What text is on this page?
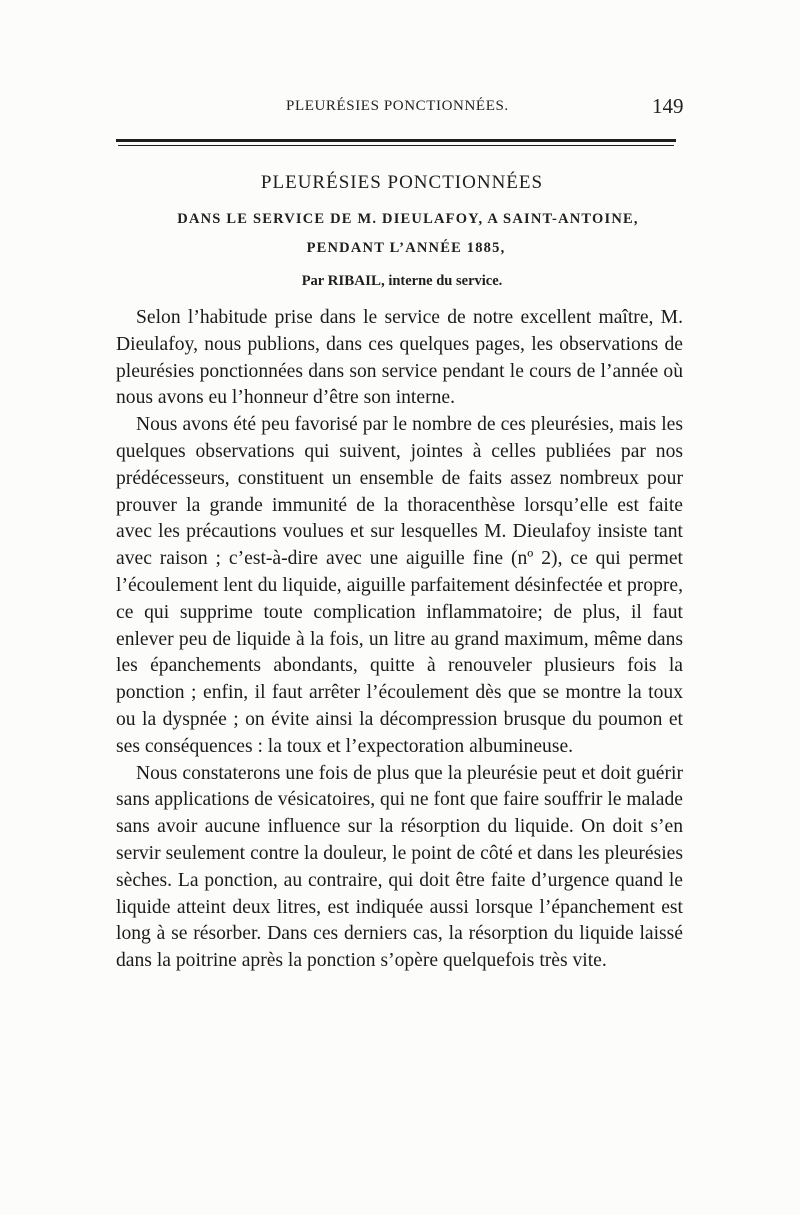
PLEURÉSIES PONCTIONNÉES.	149
PLEURÉSIES PONCTIONNÉES
DANS LE SERVICE DE M. DIEULAFOY, A SAINT-ANTOINE,
PENDANT L’ANNÉE 1885,
Par RIBAIL, interne du service.

Selon l’habitude prise dans le service de notre excellent maître, M. Dieulafoy, nous publions, dans ces quelques pages, les observations de pleurésies ponctionnées dans son service pendant le cours de l’année où nous avons eu l’honneur d’être son interne.

Nous avons été peu favorisé par le nombre de ces pleurésies, mais les quelques observations qui suivent, jointes à celles publiées par nos prédécesseurs, constituent un ensemble de faits assez nombreux pour prouver la grande immunité de la thoracenthèse lorsqu’elle est faite avec les précautions voulues et sur lesquelles M. Dieulafoy insiste tant avec raison ; c’est-à-dire avec une aiguille fine (nº 2), ce qui permet l’écoulement lent du liquide, aiguille parfaitement désinfectée et propre, ce qui supprime toute complication inflammatoire; de plus, il faut enlever peu de liquide à la fois, un litre au grand maximum, même dans les épanchements abondants, quitte à renouveler plusieurs fois la ponction ; enfin, il faut arrêter l’écoulement dès que se montre la toux ou la dyspnée ; on évite ainsi la décompression brusque du poumon et ses conséquences : la toux et l’expectoration albumineuse.

Nous constaterons une fois de plus que la pleurésie peut et doit guérir sans applications de vésicatoires, qui ne font que faire souffrir le malade sans avoir aucune influence sur la résorption du liquide. On doit s’en servir seulement contre la douleur, le point de côté et dans les pleurésies sèches. La ponction, au contraire, qui doit être faite d’urgence quand le liquide atteint deux litres, est indiquée aussi lorsque l’épanchement est long à se résorber. Dans ces derniers cas, la résorption du liquide laissé dans la poitrine après la ponction s’opère quelquefois très vite.
